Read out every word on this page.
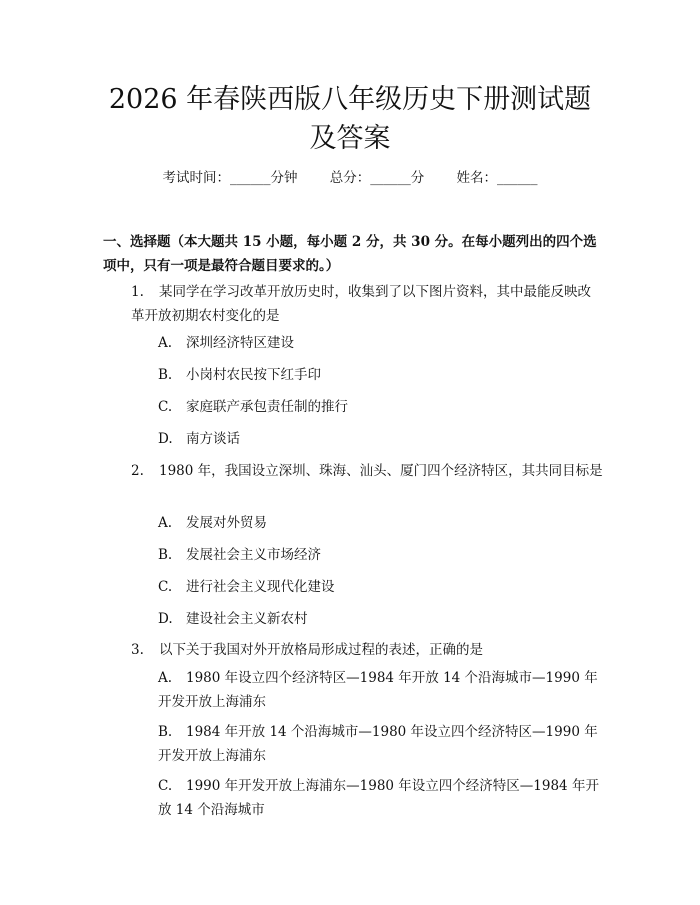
2026 年春陕西版八年级历史下册测试题及答案
考试时间：______分钟 总分：______分 姓名：______
一、选择题（本大题共 15 小题，每小题 2 分，共 30 分。在每小题列出的四个选项中，只有一项是最符合题目要求的。）
1. 某同学在学习改革开放历史时，收集到了以下图片资料，其中最能反映改革开放初期农村变化的是
A. 深圳经济特区建设
B. 小岗村农民按下红手印
C. 家庭联产承包责任制的推行
D. 南方谈话
2. 1980 年，我国设立深圳、珠海、汕头、厦门四个经济特区，其共同目标是
A. 发展对外贸易
B. 发展社会主义市场经济
C. 进行社会主义现代化建设
D. 建设社会主义新农村
3. 以下关于我国对外开放格局形成过程的表述，正确的是
A. 1980 年设立四个经济特区—1984 年开放 14 个沿海城市—1990 年开发开放上海浦东
B. 1984 年开放 14 个沿海城市—1980 年设立四个经济特区—1990 年开发开放上海浦东
C. 1990 年开发开放上海浦东—1980 年设立四个经济特区—1984 年开放 14 个沿海城市
